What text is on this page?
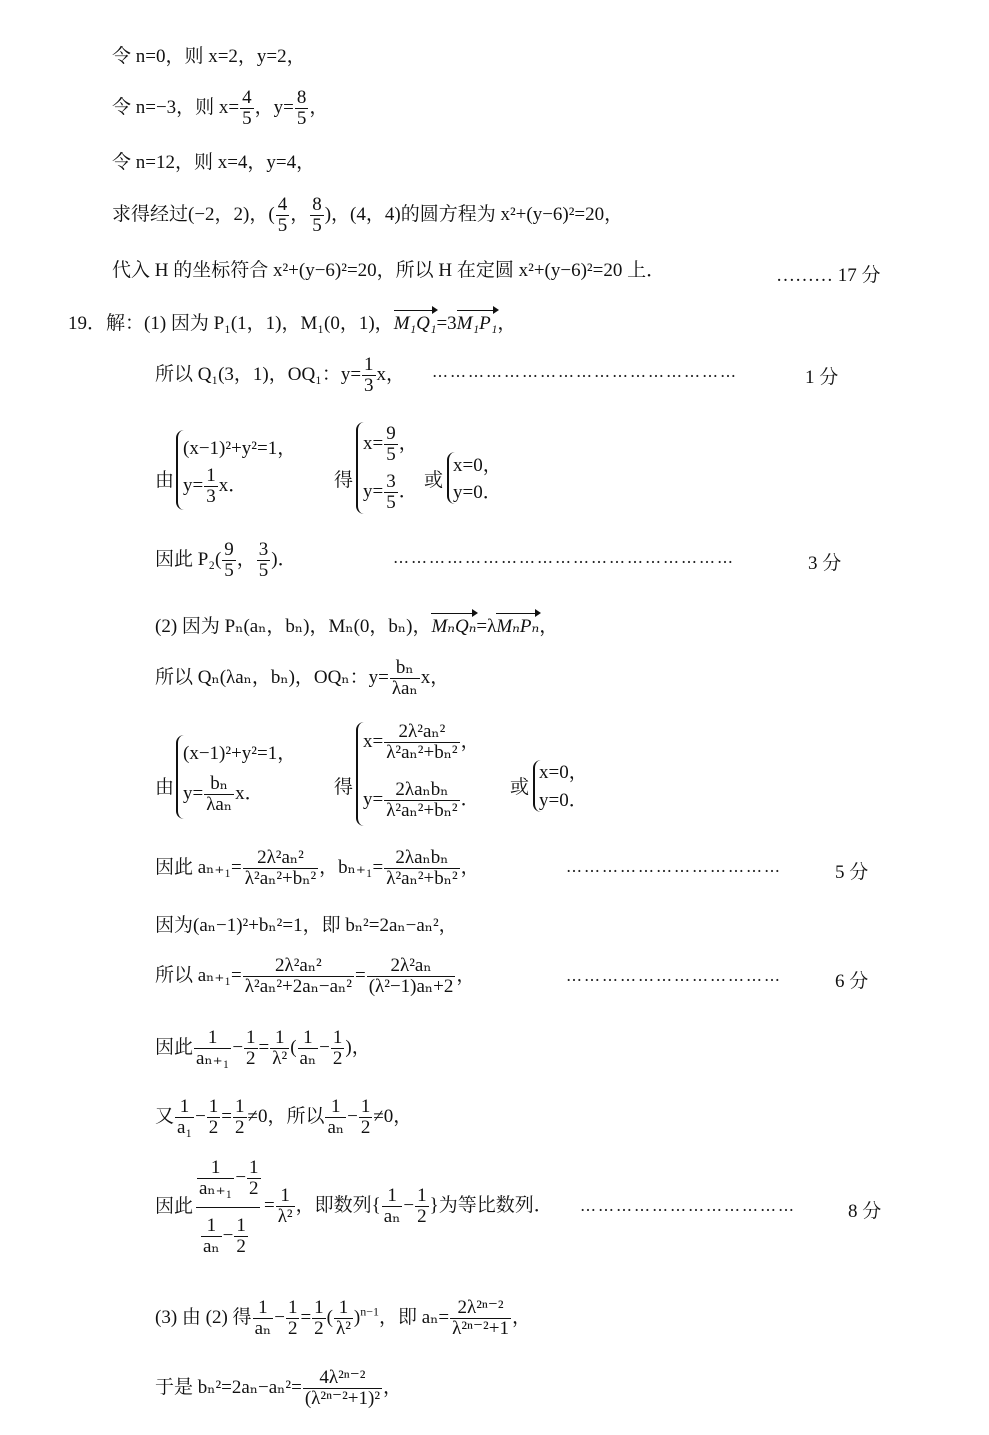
令 n=0，则 x=2，y=2，
令 n=−3，则 $x= \frac{4}{5}$ ，$y= \frac{8}{5}$ ，
令 n=12，则 x=4，y=4，
求得经过(−2，2)，( $\frac{4}{5}$ ， $\frac{8}{5}$ )，(4，4)的圆方程为 x²+(y−6)²=20，
代入 H 的坐标符合 x²+(y−6)²=20，所以 H 在定圆 x²+(y−6)²=20 上．	……… 17 分
19．解：(1) 因为 P₁(1，1)，M₁(0，1)，M₁Q₁=3M₁P₁，
所以 Q₁(3，1)，OQ₁：$y= \frac{1}{3}$ x， ……………………………………………	1 分
由
(x−1)²+y²=1，
$y= \frac{1}{3}$ x．	得
$x= \frac{9}{5}$ ，
$y= \frac{3}{5}$ ．
或
x=0，
y=0．
因此 $P_2( \frac{9}{5}$ ， $\frac{3}{5}$ )．	…………………………………………………	3 分
(2) 因为 Pₙ(aₙ，bₙ)，Mₙ(0，bₙ)，MₙQₙ=λMₙPₙ，
所以 Qₙ(λaₙ，bₙ)，OQₙ：y= bₙ
λaₙ
x，
由
(x−1)²+y²=1，
y= bₙ
λaₙ
x．	得
$x= \frac{\text{2λ²aₙ²}}{\text{λ²aₙ²+bₙ²}}$ ，
y= 2λaₙbₙ
λ²aₙ²+bₙ²
．
或
x=0，
y=0．
因此 $a_{n+1}= \frac{\text{2λ²aₙ²}}{\text{λ²aₙ²+bₙ²}}$ ，bₙ₊₁= 2λaₙbₙ
λ²aₙ²+bₙ²
，	………………………………	5 分
因为(aₙ−1)²+bₙ²=1，即 bₙ²=2aₙ−aₙ²，
所以 $a_{n+1}= \frac{\text{2λ²aₙ²}}{\text{λ²aₙ²+2aₙ−aₙ²}} = \frac{\text{2λ²aₙ}}{\text{(λ²−1)aₙ+2}}$ ，	………………………………	6 分
因此 $\frac{1}{\text{aₙ₊₁}} - \frac{1}{2} = \frac{1}{\text{λ²}}$ ( $\frac{1}{\text{aₙ}} - \frac{1}{2}$ )，
又 $\frac{1}{\text{a₁}} - \frac{1}{2} = \frac{1}{2} \ne 0$，所以 $\frac{1}{\text{aₙ}} - \frac{1}{2} \ne 0$，
因此
$\frac{1}{\text{aₙ₊₁}} - \frac{1}{2}$
$\frac{1}{\text{aₙ}} - \frac{1}{2}$
= $\frac{1}{\text{λ²}}$ ，即数列{ $\frac{1}{\text{aₙ}} - \frac{1}{2}$ }为等比数列． ………………………………	8 分
(3) 由 (2) 得 $\frac{1}{\text{aₙ}} - \frac{1}{2} = \frac{1}{2}$ ( $\frac{1}{\text{λ²}} )^{n-1}$，即 $a_n= \frac{\text{2λ²ⁿ⁻²}}{\text{λ²ⁿ⁻²+1}}$ ，
于是 $b_n^2=2a_n-a_n^2= \frac{\text{4λ²ⁿ⁻²}}{\text{(λ²ⁿ⁻²+1)²}}$ ，
